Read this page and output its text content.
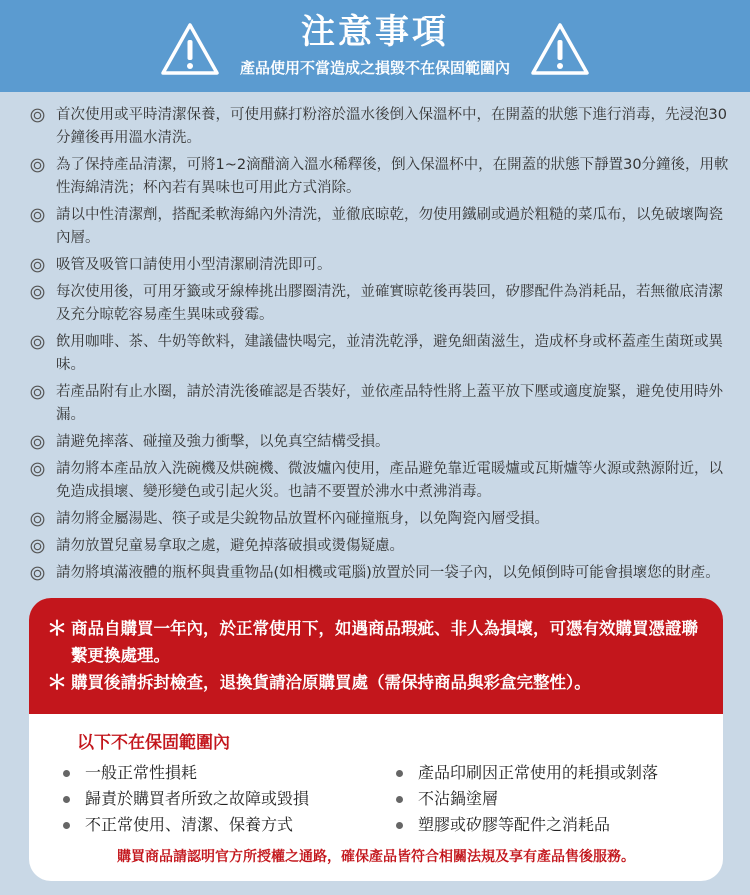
注意事項
產品使用不當造成之損毀不在保固範圍內
首次使用或平時清潔保養，可使用蘇打粉溶於溫水後倒入保溫杯中，在開蓋的狀態下進行消毒，先浸泡30分鐘後再用溫水清洗。
為了保持產品清潔，可將1~2滴醋滴入溫水稀釋後，倒入保溫杯中，在開蓋的狀態下靜置30分鐘後，用軟性海綿清洗；杯內若有異味也可用此方式消除。
請以中性清潔劑，搭配柔軟海綿內外清洗，並徹底晾乾，勿使用鐵刷或過於粗糙的菜瓜布，以免破壞陶瓷內層。
吸管及吸管口請使用小型清潔刷清洗即可。
每次使用後，可用牙籤或牙線棒挑出膠圈清洗，並確實晾乾後再裝回，矽膠配件為消耗品，若無徹底清潔及充分晾乾容易產生異味或發霉。
飲用咖啡、茶、牛奶等飲料，建議儘快喝完，並清洗乾淨，避免細菌滋生，造成杯身或杯蓋產生菌斑或異味。
若產品附有止水圈，請於清洗後確認是否裝好，並依產品特性將上蓋平放下壓或適度旋緊，避免使用時外漏。
請避免摔落、碰撞及強力衝擊，以免真空結構受損。
請勿將本產品放入洗碗機及烘碗機、微波爐內使用，產品避免靠近電暖爐或瓦斯爐等火源或熱源附近，以免造成損壞、變形變色或引起火災。也請不要置於沸水中煮沸消毒。
請勿將金屬湯匙、筷子或是尖銳物品放置杯內碰撞瓶身，以免陶瓷內層受損。
請勿放置兒童易拿取之處，避免掉落破損或燙傷疑慮。
請勿將填滿液體的瓶杯與貴重物品(如相機或電腦)放置於同一袋子內，以免傾倒時可能會損壞您的財產。
＊ 商品自購買一年內，於正常使用下，如遇商品瑕疵、非人為損壞，可憑有效購買憑證聯繫更換處理。
＊ 購買後請拆封檢查，退換貨請洽原購買處（需保持商品與彩盒完整性）。
以下不在保固範圍內
一般正常性損耗
歸責於購買者所致之故障或毀損
不正常使用、清潔、保養方式
產品印刷因正常使用的耗損或剝落
不沾鍋塗層
塑膠或矽膠等配件之消耗品
購買商品請認明官方所授權之通路，確保產品皆符合相關法規及享有產品售後服務。
